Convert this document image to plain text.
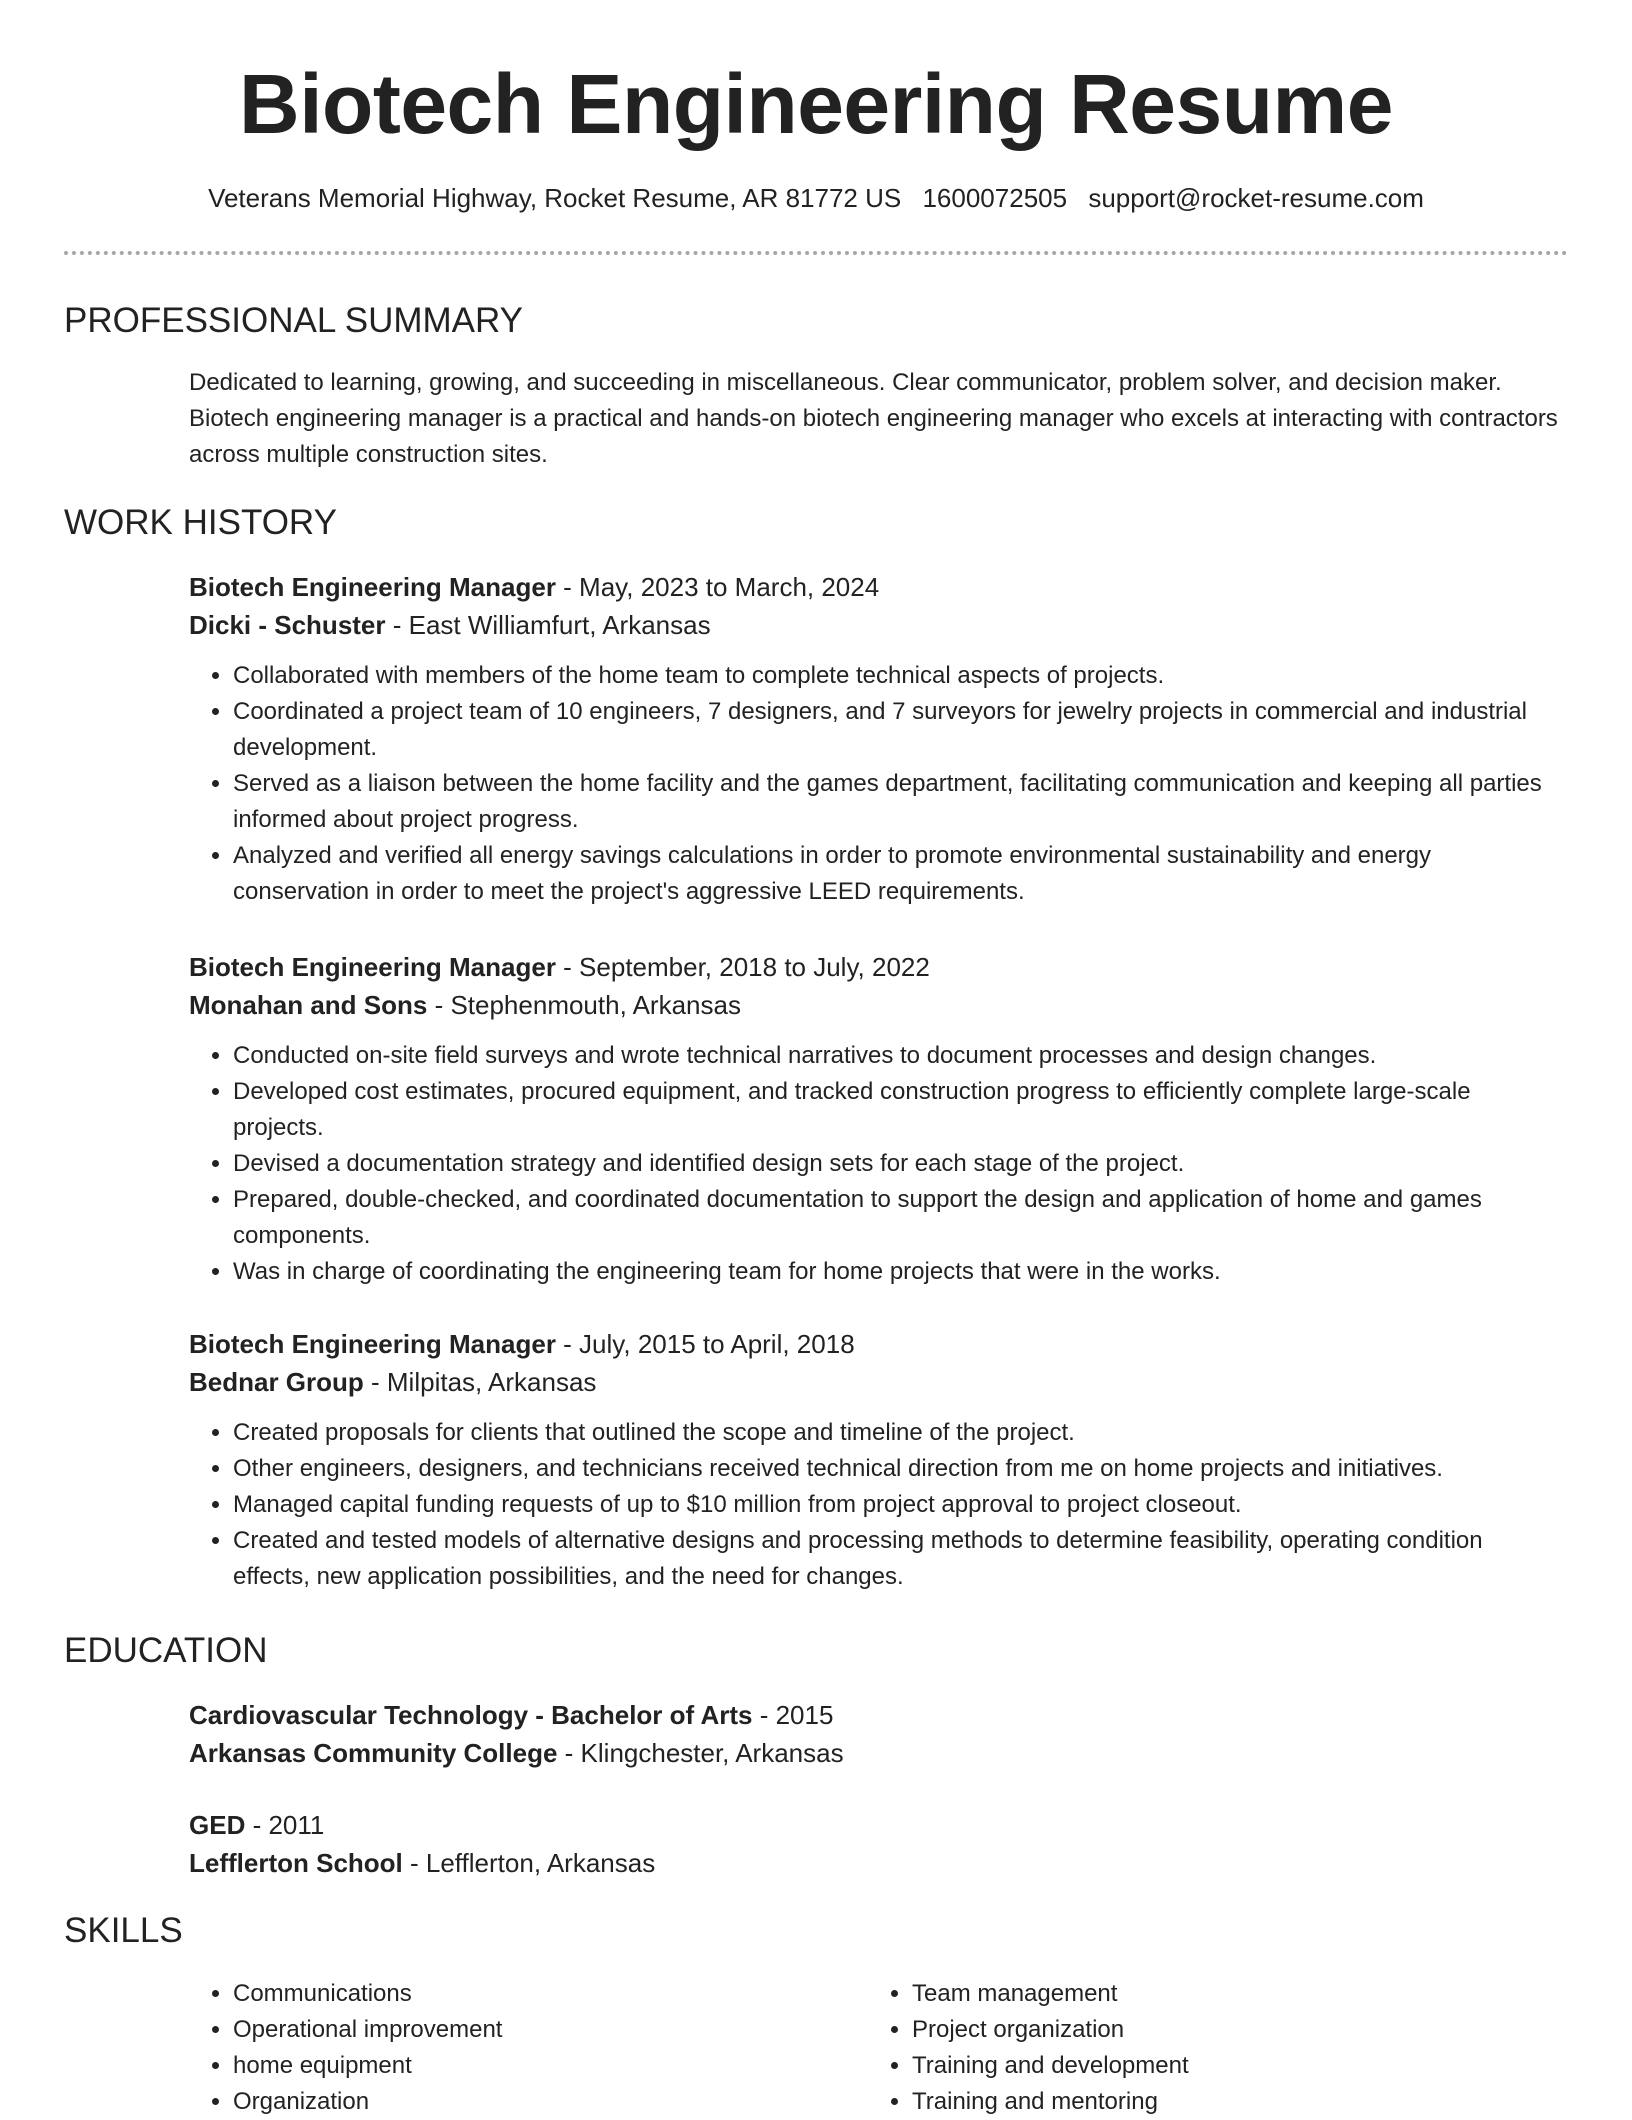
Biotech Engineering Resume
Veterans Memorial Highway, Rocket Resume, AR 81772 US 1600072505 support@rocket-resume.com
PROFESSIONAL SUMMARY

Dedicated to learning, growing, and succeeding in miscellaneous. Clear communicator, problem solver, and decision maker. Biotech engineering manager is a practical and hands-on biotech engineering manager who excels at interacting with contractors across multiple construction sites.

WORK HISTORY

Biotech Engineering Manager - May, 2023 to March, 2024

Dicki - Schuster - East Williamfurt, Arkansas

• Collaborated with members of the home team to complete technical aspects of projects.
• Coordinated a project team of 10 engineers, 7 designers, and 7 surveyors for jewelry projects in commercial and industrial development.
• Served as a liaison between the home facility and the games department, facilitating communication and keeping all parties informed about project progress.
• Analyzed and verified all energy savings calculations in order to promote environmental sustainability and energy conservation in order to meet the project's aggressive LEED requirements.

Biotech Engineering Manager - September, 2018 to July, 2022

Monahan and Sons - Stephenmouth, Arkansas

• Conducted on-site field surveys and wrote technical narratives to document processes and design changes.
• Developed cost estimates, procured equipment, and tracked construction progress to efficiently complete large-scale projects.
• Devised a documentation strategy and identified design sets for each stage of the project.
• Prepared, double-checked, and coordinated documentation to support the design and application of home and games components.
• Was in charge of coordinating the engineering team for home projects that were in the works.

Biotech Engineering Manager - July, 2015 to April, 2018

Bednar Group - Milpitas, Arkansas

• Created proposals for clients that outlined the scope and timeline of the project.
• Other engineers, designers, and technicians received technical direction from me on home projects and initiatives.
• Managed capital funding requests of up to $10 million from project approval to project closeout.
• Created and tested models of alternative designs and processing methods to determine feasibility, operating condition effects, new application possibilities, and the need for changes.
EDUCATION

Cardiovascular Technology - Bachelor of Arts - 2015

Arkansas Community College - Klingchester, Arkansas

GED - 2011

Lefflerton School - Lefflerton, Arkansas

SKILLS
• Communications
• Operational improvement
• home equipment
• Organization
• Team management
• Project organization
• Training and development
• Training and mentoring
